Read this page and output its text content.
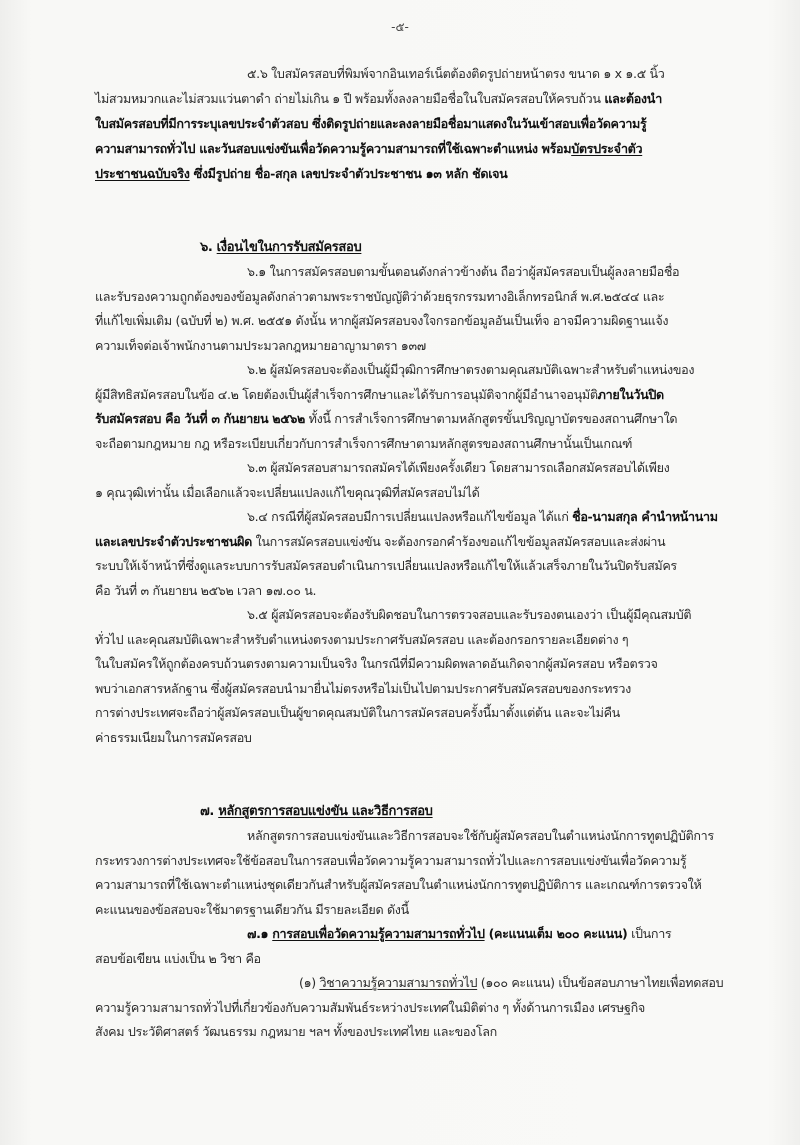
-๕-
๕.๖ ใบสมัครสอบที่พิมพ์จากอินเทอร์เน็ตต้องติดรูปถ่ายหน้าตรง ขนาด ๑ x ๑.๕ นิ้ว
ไม่สวมหมวกและไม่สวมแว่นตาดำ ถ่ายไม่เกิน ๑ ปี พร้อมทั้งลงลายมือชื่อในใบสมัครสอบให้ครบถ้วน และต้องนำ
ใบสมัครสอบที่มีการระบุเลขประจำตัวสอบ ซึ่งติดรูปถ่ายและลงลายมือชื่อมาแสดงในวันเข้าสอบเพื่อวัดความรู้
ความสามารถทั่วไป และวันสอบแข่งขันเพื่อวัดความรู้ความสามารถที่ใช้เฉพาะตำแหน่ง พร้อมบัตรประจำตัว
ประชาชนฉบับจริง ซึ่งมีรูปถ่าย ชื่อ-สกุล เลขประจำตัวประชาชน ๑๓ หลัก ชัดเจน
๖. เงื่อนไขในการรับสมัครสอบ
๖.๑ ในการสมัครสอบตามขั้นตอนดังกล่าวข้างต้น ถือว่าผู้สมัครสอบเป็นผู้ลงลายมือชื่อ
และรับรองความถูกต้องของข้อมูลดังกล่าวตามพระราชบัญญัติว่าด้วยธุรกรรมทางอิเล็กทรอนิกส์ พ.ศ.๒๕๔๔ และ
ที่แก้ไขเพิ่มเติม (ฉบับที่ ๒) พ.ศ. ๒๕๕๑ ดังนั้น หากผู้สมัครสอบจงใจกรอกข้อมูลอันเป็นเท็จ อาจมีความผิดฐานแจ้ง
ความเท็จต่อเจ้าพนักงานตามประมวลกฎหมายอาญามาตรา ๑๓๗
๖.๒ ผู้สมัครสอบจะต้องเป็นผู้มีวุฒิการศึกษาตรงตามคุณสมบัติเฉพาะสำหรับตำแหน่งของ
ผู้มีสิทธิสมัครสอบในข้อ ๔.๒ โดยต้องเป็นผู้สำเร็จการศึกษาและได้รับการอนุมัติจากผู้มีอำนาจอนุมัติภายในวันปิด
รับสมัครสอบ คือ วันที่ ๓ กันยายน ๒๕๖๒ ทั้งนี้ การสำเร็จการศึกษาตามหลักสูตรขั้นปริญญาบัตรของสถานศึกษาใด
จะถือตามกฎหมาย กฎ หรือระเบียบเกี่ยวกับการสำเร็จการศึกษาตามหลักสูตรของสถานศึกษานั้นเป็นเกณฑ์
๖.๓ ผู้สมัครสอบสามารถสมัครได้เพียงครั้งเดียว โดยสามารถเลือกสมัครสอบได้เพียง
๑ คุณวุฒิเท่านั้น เมื่อเลือกแล้วจะเปลี่ยนแปลงแก้ไขคุณวุฒิที่สมัครสอบไม่ได้
๖.๔ กรณีที่ผู้สมัครสอบมีการเปลี่ยนแปลงหรือแก้ไขข้อมูล ได้แก่ ชื่อ-นามสกุล คำนำหน้านาม
และเลขประจำตัวประชาชนผิด ในการสมัครสอบแข่งขัน จะต้องกรอกคำร้องขอแก้ไขข้อมูลสมัครสอบและส่งผ่าน
ระบบให้เจ้าหน้าที่ซึ่งดูแลระบบการรับสมัครสอบดำเนินการเปลี่ยนแปลงหรือแก้ไขให้แล้วเสร็จภายในวันปิดรับสมัคร
คือ วันที่ ๓ กันยายน ๒๕๖๒ เวลา ๑๗.๐๐ น.
๖.๕ ผู้สมัครสอบจะต้องรับผิดชอบในการตรวจสอบและรับรองตนเองว่า เป็นผู้มีคุณสมบัติ
ทั่วไป และคุณสมบัติเฉพาะสำหรับตำแหน่งตรงตามประกาศรับสมัครสอบ และต้องกรอกรายละเอียดต่าง ๆ
ในใบสมัครให้ถูกต้องครบถ้วนตรงตามความเป็นจริง ในกรณีที่มีความผิดพลาดอันเกิดจากผู้สมัครสอบ หรือตรวจ
พบว่าเอกสารหลักฐาน ซึ่งผู้สมัครสอบนำมายื่นไม่ตรงหรือไม่เป็นไปตามประกาศรับสมัครสอบของกระทรวง
การต่างประเทศจะถือว่าผู้สมัครสอบเป็นผู้ขาดคุณสมบัติในการสมัครสอบครั้งนี้มาตั้งแต่ต้น และจะไม่คืน
ค่าธรรมเนียมในการสมัครสอบ
๗. หลักสูตรการสอบแข่งขัน และวิธีการสอบ
หลักสูตรการสอบแข่งขันและวิธีการสอบจะใช้กับผู้สมัครสอบในตำแหน่งนักการทูตปฏิบัติการ
กระทรวงการต่างประเทศจะใช้ข้อสอบในการสอบเพื่อวัดความรู้ความสามารถทั่วไปและการสอบแข่งขันเพื่อวัดความรู้
ความสามารถที่ใช้เฉพาะตำแหน่งชุดเดียวกันสำหรับผู้สมัครสอบในตำแหน่งนักการทูตปฏิบัติการ และเกณฑ์การตรวจให้
คะแนนของข้อสอบจะใช้มาตรฐานเดียวกัน มีรายละเอียด ดังนี้
๗.๑ การสอบเพื่อวัดความรู้ความสามารถทั่วไป (คะแนนเต็ม ๒๐๐ คะแนน) เป็นการ
สอบข้อเขียน แบ่งเป็น ๒ วิชา คือ
(๑) วิชาความรู้ความสามารถทั่วไป (๑๐๐ คะแนน) เป็นข้อสอบภาษาไทยเพื่อทดสอบ
ความรู้ความสามารถทั่วไปที่เกี่ยวข้องกับความสัมพันธ์ระหว่างประเทศในมิติต่าง ๆ ทั้งด้านการเมือง เศรษฐกิจ
สังคม ประวัติศาสตร์ วัฒนธรรม กฎหมาย ฯลฯ ทั้งของประเทศไทย และของโลก
